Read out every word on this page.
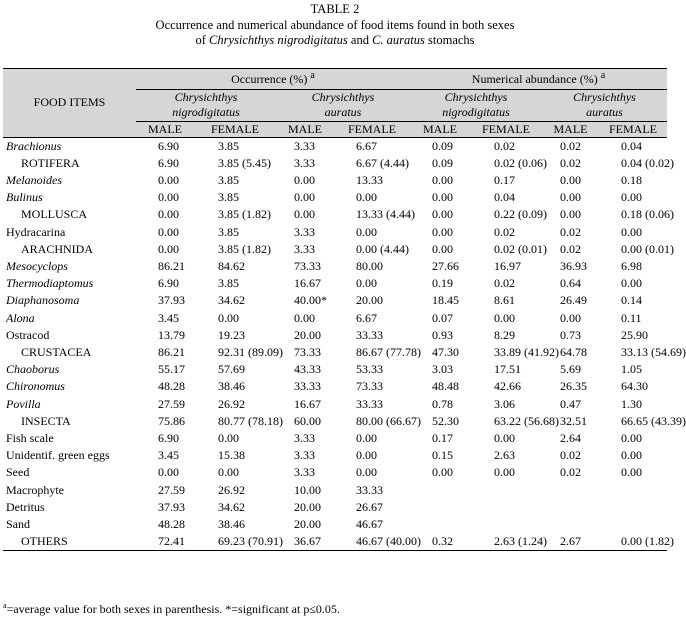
TABLE 2
Occurrence and numerical abundance of food items found in both sexes
of Chrysichthys nigrodigitatus and C. auratus stomachs

FOOD ITEMS	Occurrence (%) $^a$				Numerical abundance (%) $^a$
	Chrysichthys		Chrysichthys		Chrysichthys		Chrysichthys	
	nigrodigitatus		auratus		nigrodigitatus		auratus	
	MALE	FEMALE	MALE	FEMALE	MALE	FEMALE	MALE	FEMALE

Brachionus	6.90	3.85	3.33	6.67	0.09	0.02	0.02	0.04
ROTIFERA	6.90	3.85 (5.45)	3.33	6.67 (4.44)	0.09	0.02 (0.06)	0.02	0.04 (0.02)
Melanoides	0.00	3.85	0.00	13.33	0.00	0.17	0.00	0.18
Bulinus	0.00	3.85	0.00	0.00	0.00	0.04	0.00	0.00
MOLLUSCA	0.00	3.85 (1.82)	0.00	13.33 (4.44)	0.00	0.22 (0.09)	0.00	0.18 (0.06)
Hydracarina	0.00	3.85	3.33	0.00	0.00	0.02	0.02	0.00
ARACHNIDA	0.00	3.85 (1.82)	3.33	0.00 (4.44)	0.00	0.02 (0.01)	0.02	0.00 (0.01)
Mesocyclops	86.21	84.62	73.33	80.00	27.66	16.97	36.93	6.98
Thermodiaptomus	6.90	3.85	16.67	0.00	0.19	0.02	0.64	0.00
Diaphanosoma	37.93	34.62	40.00*	20.00	18.45	8.61	26.49	0.14
Alona	3.45	0.00	0.00	6.67	0.07	0.00	0.00	0.11
Ostracod	13.79	19.23	20.00	33.33	0.93	8.29	0.73	25.90
CRUSTACEA	86.21	92.31 (89.09)	73.33	86.67 (77.78)	47.30	33.89 (41.92)	64.78	33.13 (54.69)
Chaoborus	55.17	57.69	43.33	53.33	3.03	17.51	5.69	1.05
Chironomus	48.28	38.46	33.33	73.33	48.48	42.66	26.35	64.30
Povilla	27.59	26.92	16.67	33.33	0.78	3.06	0.47	1.30
INSECTA	75.86	80.77 (78.18)	60.00	80.00 (66.67)	52.30	63.22 (56.68)	32.51	66.65 (43.39)
Fish scale	6.90	0.00	3.33	0.00	0.17	0.00	2.64	0.00
Unidentif. green eggs	3.45	15.38	3.33	0.00	0.15	2.63	0.02	0.00
Seed	0.00	0.00	3.33	0.00	0.00	0.00	0.02	0.00
Macrophyte	27.59	26.92	10.00	33.33				
Detritus	37.93	34.62	20.00	26.67				
Sand	48.28	38.46	20.00	46.67				
OTHERS	72.41	69.23 (70.91)	36.67	46.67 (40.00)	0.32	2.63 (1.24)	2.67	0.00 (1.82)

$^a$=average value for both sexes in parenthesis. *=significant at p≤0.05.
